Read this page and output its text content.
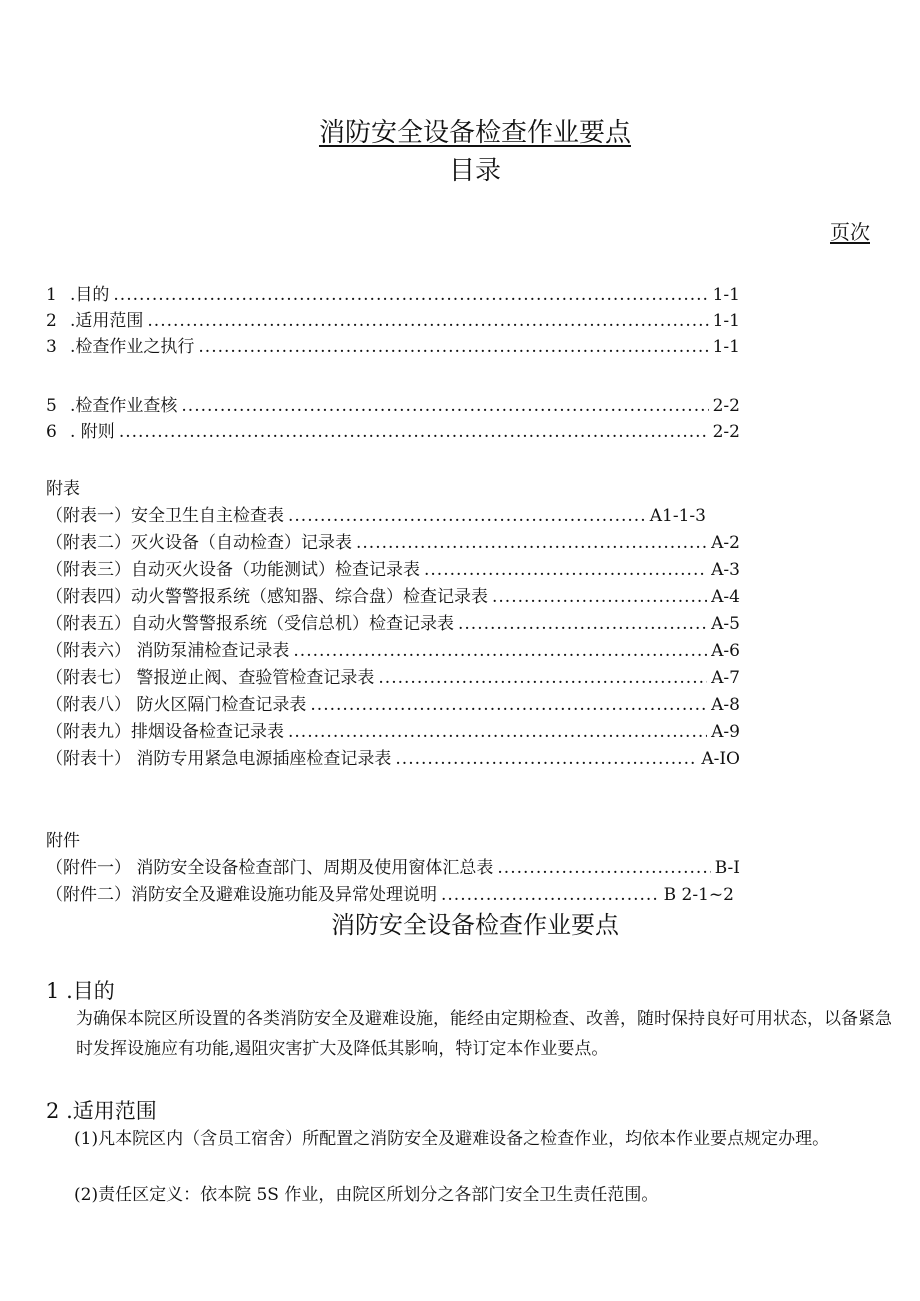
消防安全设备检查作业要点
目录
页次
1 .目的 .....	1-1
2 .适用范围 .....	1-1
3 .检查作业之执行 .....	1-1
5 .检查作业查核 .....	2-2
6 . 附则 .....	2-2
附表
（附表一）安全卫生自主检查表 .....	A1-1-3
（附表二）灭火设备（自动检查）记录表 .....	A-2
（附表三）自动灭火设备（功能测试）检查记录表 .....	A-3
（附表四）动火警警报系统（感知器、综合盘）检查记录表 .....	A-4
（附表五）自动火警警报系统（受信总机）检查记录表 .....	A-5
（附表六） 消防泵浦检查记录表 .....	A-6
（附表七） 警报逆止阀、查验管检查记录表 .....	A-7
（附表八） 防火区隔门检查记录表 .....	A-8
（附表九）排烟设备检查记录表 .....	A-9
（附表十） 消防专用紧急电源插座检查记录表 .....	A-IO
附件
（附件一） 消防安全设备检查部门、周期及使用窗体汇总表 .....	B-I
（附件二）消防安全及避难设施功能及异常处理说明 .....	B 2-1~2
消防安全设备检查作业要点
1 .目的
为确保本院区所设置的各类消防安全及避难设施，能经由定期检查、改善，随时保持良好可用状态，以备紧急时发挥设施应有功能,遏阻灾害扩大及降低其影响，特订定本作业要点。
2 .适用范围
(1)凡本院区内（含员工宿舍）所配置之消防安全及避难设备之检查作业，均依本作业要点规定办理。
(2)责任区定义：依本院 5S 作业，由院区所划分之各部门安全卫生责任范围。
